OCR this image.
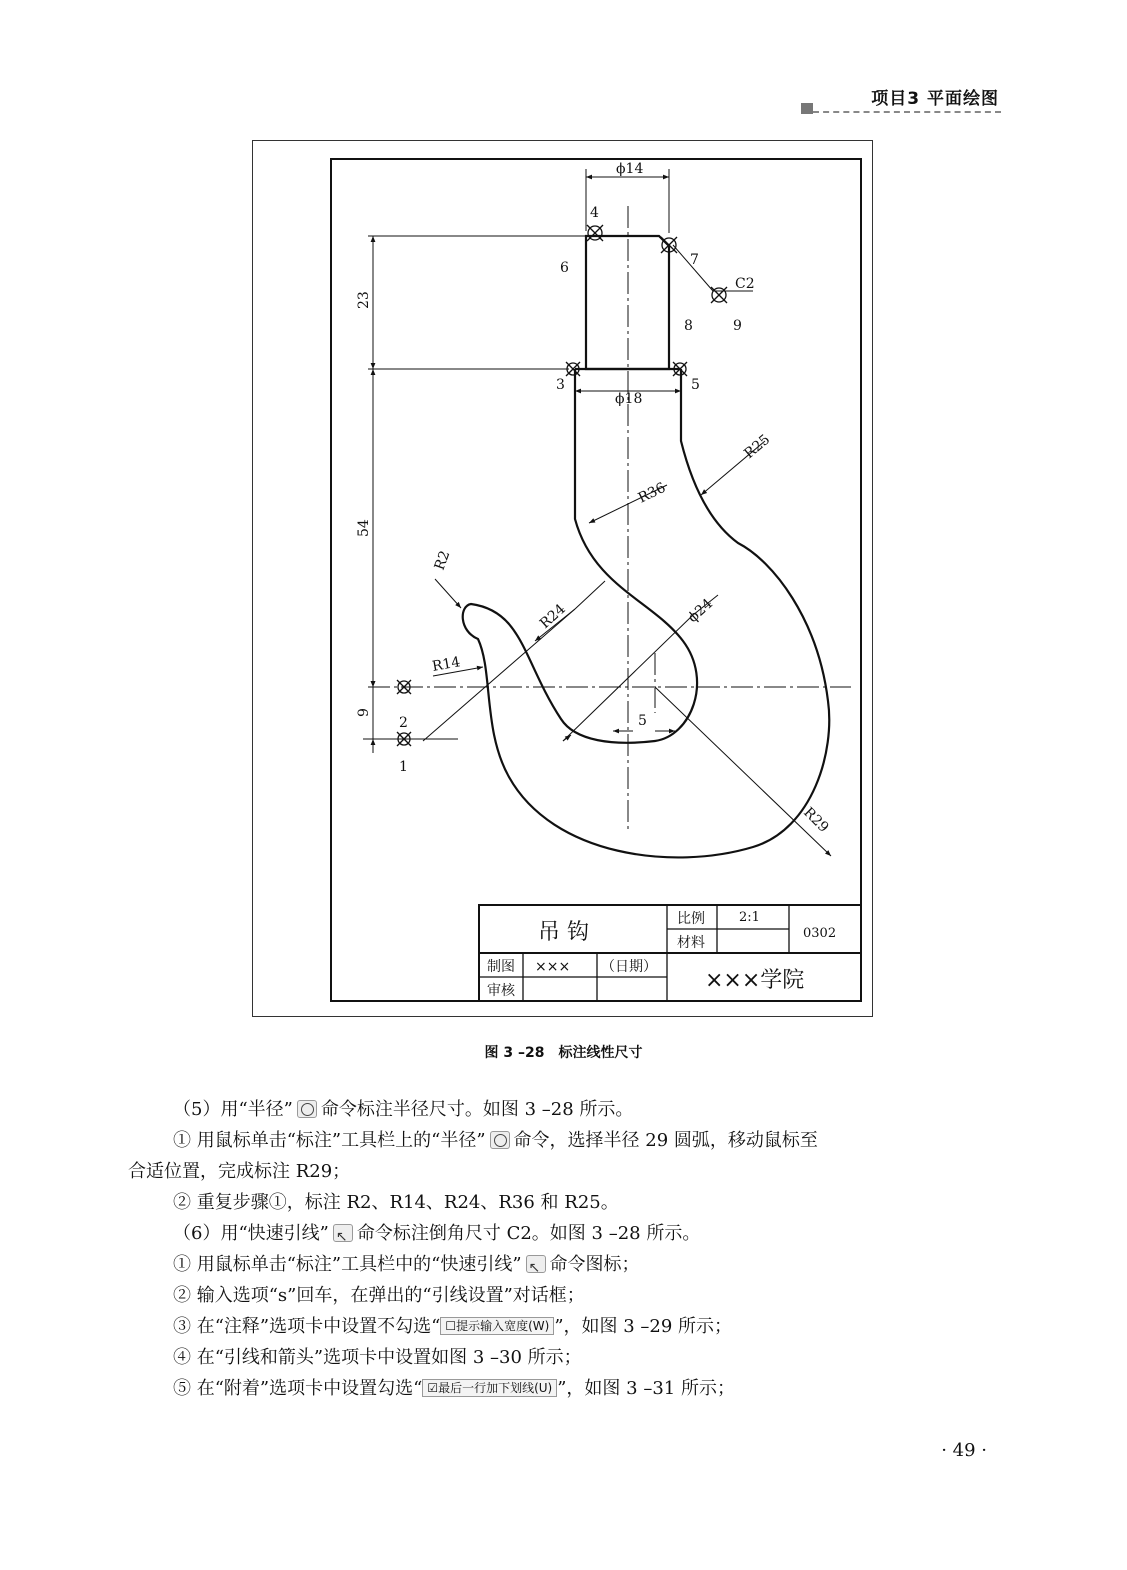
项目3 平面绘图
ϕ14
ϕ18
C2
23
54
9
5
R25
R36
R24	ϕ24
R14
R2
R29
1
2
3
4
5
6	7
8	9
吊 钩
比例	2:1
材料
0302
制图 ××× （日期）
审核	×××学院
图 3 –28　标注线性尺寸
（5）用“半径” 命令标注半径尺寸。如图 3 –28 所示。
① 用鼠标单击“标注”工具栏上的“半径” 命令，选择半径 29 圆弧，移动鼠标至
合适位置，完成标注 R29；
② 重复步骤①，标注 R2、R14、R24、R36 和 R25。
（6）用“快速引线” ↖ 命令标注倒角尺寸 C2。如图 3 –28 所示。
① 用鼠标单击“标注”工具栏中的“快速引线” ↖ 命令图标；
② 输入选项“s”回车，在弹出的“引线设置”对话框；
③ 在“注释”选项卡中设置不勾选“ ☐提示输入宽度(W) ”，如图 3 –29 所示；
④ 在“引线和箭头”选项卡中设置如图 3 –30 所示；
⑤ 在“附着”选项卡中设置勾选“ ☑最后一行加下划线(U) ”，如图 3 –31 所示；
· 49 ·
